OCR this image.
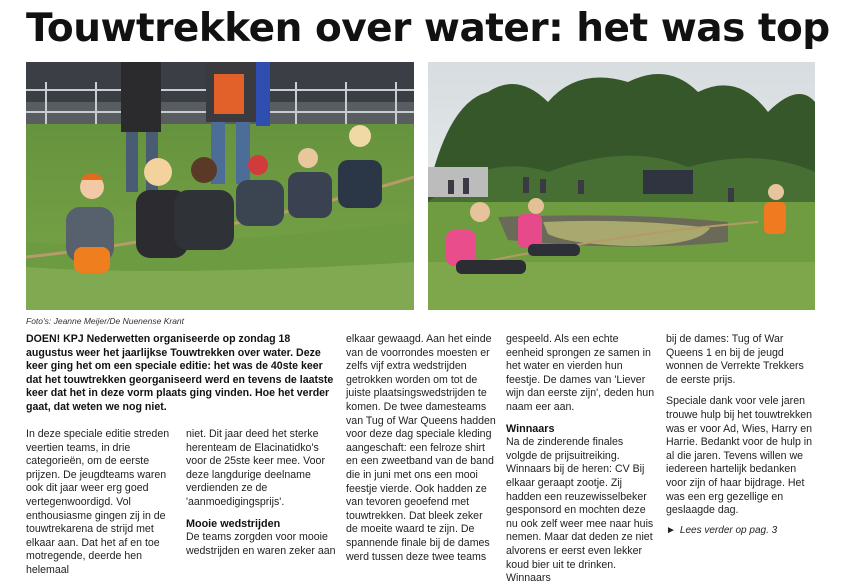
Touwtrekken over water: het was top
Foto's: Jeanne Meijer/De Nuenense Krant

DOEN! KPJ Nederwetten organiseerde op zondag 18 augustus weer het jaarlijkse Touwtrekken over water. Deze keer ging het om een speciale editie: het was de 40ste keer dat het touwtrekken georganiseerd werd en tevens de laatste keer dat het in deze vorm plaats ging vinden. Hoe het verder gaat, dat weten we nog niet.

In deze speciale editie streden veertien teams, in drie categorieën, om de eerste prijzen. De jeugdteams waren ook dit jaar weer erg goed vertegenwoordigd. Vol enthousiasme gingen zij in de touwtrekarena de strijd met elkaar aan. Dat het af en toe motregende, deerde hen helemaal

niet. Dit jaar deed het sterke herenteam de Elacinatidko's voor de 25ste keer mee. Voor deze langdurige deelname verdienden ze de 'aanmoedigingsprijs'.

Mooie wedstrijden

De teams zorgden voor mooie wedstrijden en waren zeker aan

elkaar gewaagd. Aan het einde van de voorrondes moesten er zelfs vijf extra wedstrijden getrokken worden om tot de juiste plaatsingswedstrijden te komen. De twee damesteams van Tug of War Queens hadden voor deze dag speciale kleding aangeschaft: een felroze shirt en een zweetband van de band die in juni met ons een mooi feestje vierde. Ook hadden ze van tevoren geoefend met touwtrekken. Dat bleek zeker de moeite waard te zijn. De spannende finale bij de dames werd tussen deze twee teams

gespeeld. Als een echte eenheid sprongen ze samen in het water en vierden hun feestje. De dames van 'Liever wijn dan eerste zijn', deden hun naam eer aan.

Winnaars

Na de zinderende finales volgde de prijsuitreiking. Winnaars bij de heren: CV Bij elkaar geraapt zootje. Zij hadden een reuzewisselbeker gesponsord en mochten deze nu ook zelf weer mee naar huis nemen. Maar dat deden ze niet alvorens er eerst even lekker koud bier uit te drinken. Winnaars

bij de dames: Tug of War Queens 1 en bij de jeugd wonnen de Verrekte Trekkers de eerste prijs.

Speciale dank voor vele jaren trouwe hulp bij het touwtrekken was er voor Ad, Wies, Harry en Harrie. Bedankt voor de hulp in al die jaren. Tevens willen we iedereen hartelijk bedanken voor zijn of haar bijdrage. Het was een erg gezellige en geslaagde dag.

► Lees verder op pag. 3
